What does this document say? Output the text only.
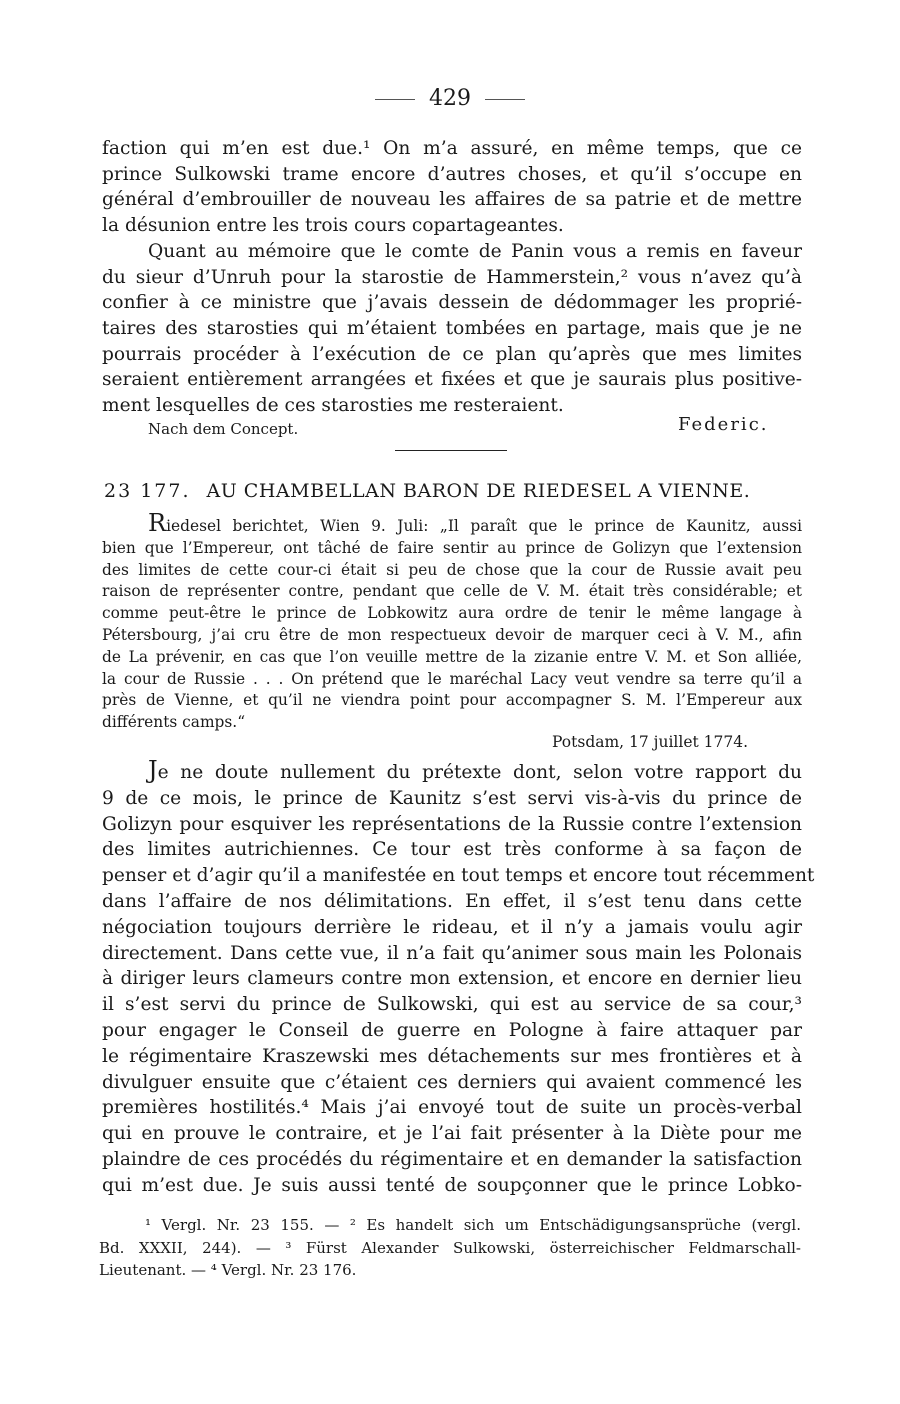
429
faction qui m’en est due.¹ On m’a assuré, en même temps, que ce
prince Sulkowski trame encore d’autres choses, et qu’il s’occupe en
général d’embrouiller de nouveau les affaires de sa patrie et de mettre
la désunion entre les trois cours copartageantes.
Quant au mémoire que le comte de Panin vous a remis en faveur
du sieur d’Unruh pour la starostie de Hammerstein,² vous n’avez qu’à
confier à ce ministre que j’avais dessein de dédommager les proprié-
taires des starosties qui m’étaient tombées en partage, mais que je ne
pourrais procéder à l’exécution de ce plan qu’après que mes limites
seraient entièrement arrangées et fixées et que je saurais plus positive-
ment lesquelles de ces starosties me resteraient.
Nach dem Concept.	Federic.
23 177. AU CHAMBELLAN BARON DE RIEDESEL A VIENNE.
Riedesel berichtet, Wien 9. Juli: „Il paraît que le prince de Kaunitz, aussi
bien que l’Empereur, ont tâché de faire sentir au prince de Golizyn que l’extension
des limites de cette cour-ci était si peu de chose que la cour de Russie avait peu
raison de représenter contre, pendant que celle de V. M. était très considérable; et
comme peut-être le prince de Lobkowitz aura ordre de tenir le même langage à
Pétersbourg, j’ai cru être de mon respectueux devoir de marquer ceci à V. M., afin
de La prévenir, en cas que l’on veuille mettre de la zizanie entre V. M. et Son alliée,
la cour de Russie . . . On prétend que le maréchal Lacy veut vendre sa terre qu’il a
près de Vienne, et qu’il ne viendra point pour accompagner S. M. l’Empereur aux
différents camps.“
Potsdam, 17 juillet 1774.
Je ne doute nullement du prétexte dont, selon votre rapport du
9 de ce mois, le prince de Kaunitz s’est servi vis-à-vis du prince de
Golizyn pour esquiver les représentations de la Russie contre l’extension
des limites autrichiennes. Ce tour est très conforme à sa façon de
penser et d’agir qu’il a manifestée en tout temps et encore tout récemment
dans l’affaire de nos délimitations. En effet, il s’est tenu dans cette
négociation toujours derrière le rideau, et il n’y a jamais voulu agir
directement. Dans cette vue, il n’a fait qu’animer sous main les Polonais
à diriger leurs clameurs contre mon extension, et encore en dernier lieu
il s’est servi du prince de Sulkowski, qui est au service de sa cour,³
pour engager le Conseil de guerre en Pologne à faire attaquer par
le régimentaire Kraszewski mes détachements sur mes frontières et à
divulguer ensuite que c’étaient ces derniers qui avaient commencé les
premières hostilités.⁴ Mais j’ai envoyé tout de suite un procès-verbal
qui en prouve le contraire, et je l’ai fait présenter à la Diète pour me
plaindre de ces procédés du régimentaire et en demander la satisfaction
qui m’est due. Je suis aussi tenté de soupçonner que le prince Lobko-
¹ Vergl. Nr. 23 155. — ² Es handelt sich um Entschädigungsansprüche (vergl.
Bd. XXXII, 244). — ³ Fürst Alexander Sulkowski, österreichischer Feldmarschall-
Lieutenant. — ⁴ Vergl. Nr. 23 176.
